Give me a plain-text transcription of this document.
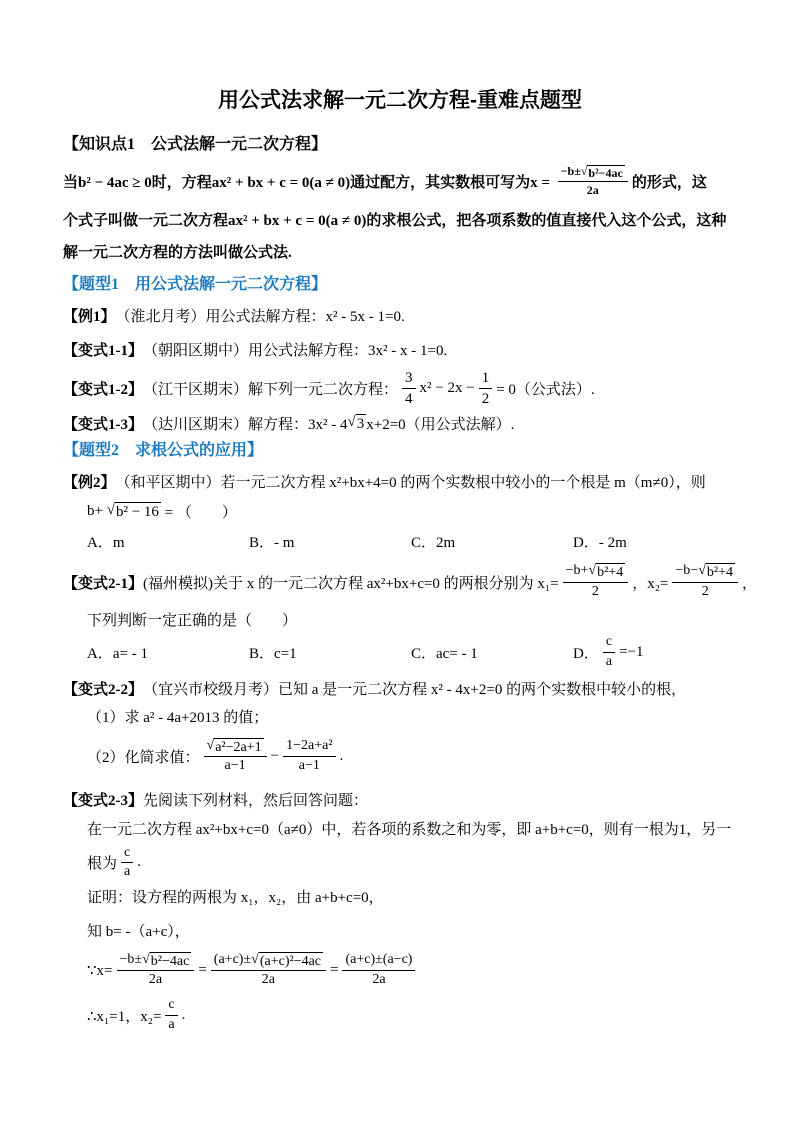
用公式法求解一元二次方程-重难点题型
【知识点1　公式法解一元二次方程】
当b² − 4ac ≥ 0时，方程ax² + bx + c = 0(a ≠ 0)通过配方，其实数根可写为$x = \frac{\text{−b± √ b²−4ac}}{2a}$ 的形式，这
个式子叫做一元二次方程ax² + bx + c = 0(a ≠ 0)的求根公式，把各项系数的值直接代入这个公式，这种
解一元二次方程的方法叫做公式法.
【题型1　用公式法解一元二次方程】
【例1】 （淮北月考）用公式法解方程：x² - 5x - 1=0.
【变式1-1】 （朝阳区期中）用公式法解方程：3x² - x - 1=0.
【变式1-2】 （江干区期末）解下列一元二次方程： $\frac{3}{4} x^2 - 2x - \frac{1}{2} = 0$（公式法）.
【变式1-3】 （达川区期末）解方程：3x² - 4 √ 3 x+2=0（用公式法解）.
【题型2　求根公式的应用】
【例2】 （和平区期中）若一元二次方程 x²+bx+4=0 的两个实数根中较小的一个根是 m（m≠0），则
b+ √ b² − 16 = （　　）
A．m	B．- m	C．2m	D．- 2m
【变式2-1】 (福州模拟)关于 x 的一元二次方程 ax²+bx+c=0 的两根分别为 $x_1= \frac{\text{−b+ √ b²+4}}{2}$ ，$x_2= \frac{\text{−b− √ b²+4}}{2}$ ，
下列判断一定正确的是（　　）
A．a= - 1	B．c=1	C．ac= - 1	D． $\frac{c}{a} =-1$
【变式2-2】 （宜兴市校级月考）已知 a 是一元二次方程 x² - 4x+2=0 的两个实数根中较小的根，
（1）求 a² - 4a+2013 的值；
（2）化简求值： $\frac{\text{√ a²−2a+1}}{a-1} - \frac{\text{1−2a+a²}}{a-1}$ .
【变式2-3】 先阅读下列材料，然后回答问题：
在一元二次方程 ax²+bx+c=0（a≠0）中，若各项的系数之和为零，即 a+b+c=0，则有一根为1，另一
根为 $\frac{c}{a}$ .
证明：设方程的两根为 x₁，x₂，由 a+b+c=0，
知 b= -（a+c），
∵x= $\frac{\text{−b± √ b²−4ac}}{2a} = \frac{\text{(a+c)± √ (a+c)²−4ac}}{2a} = \frac{(a+c)\pm(a-c)}{2a}$
∴x₁=1，$x_2= \frac{c}{a}$ .
